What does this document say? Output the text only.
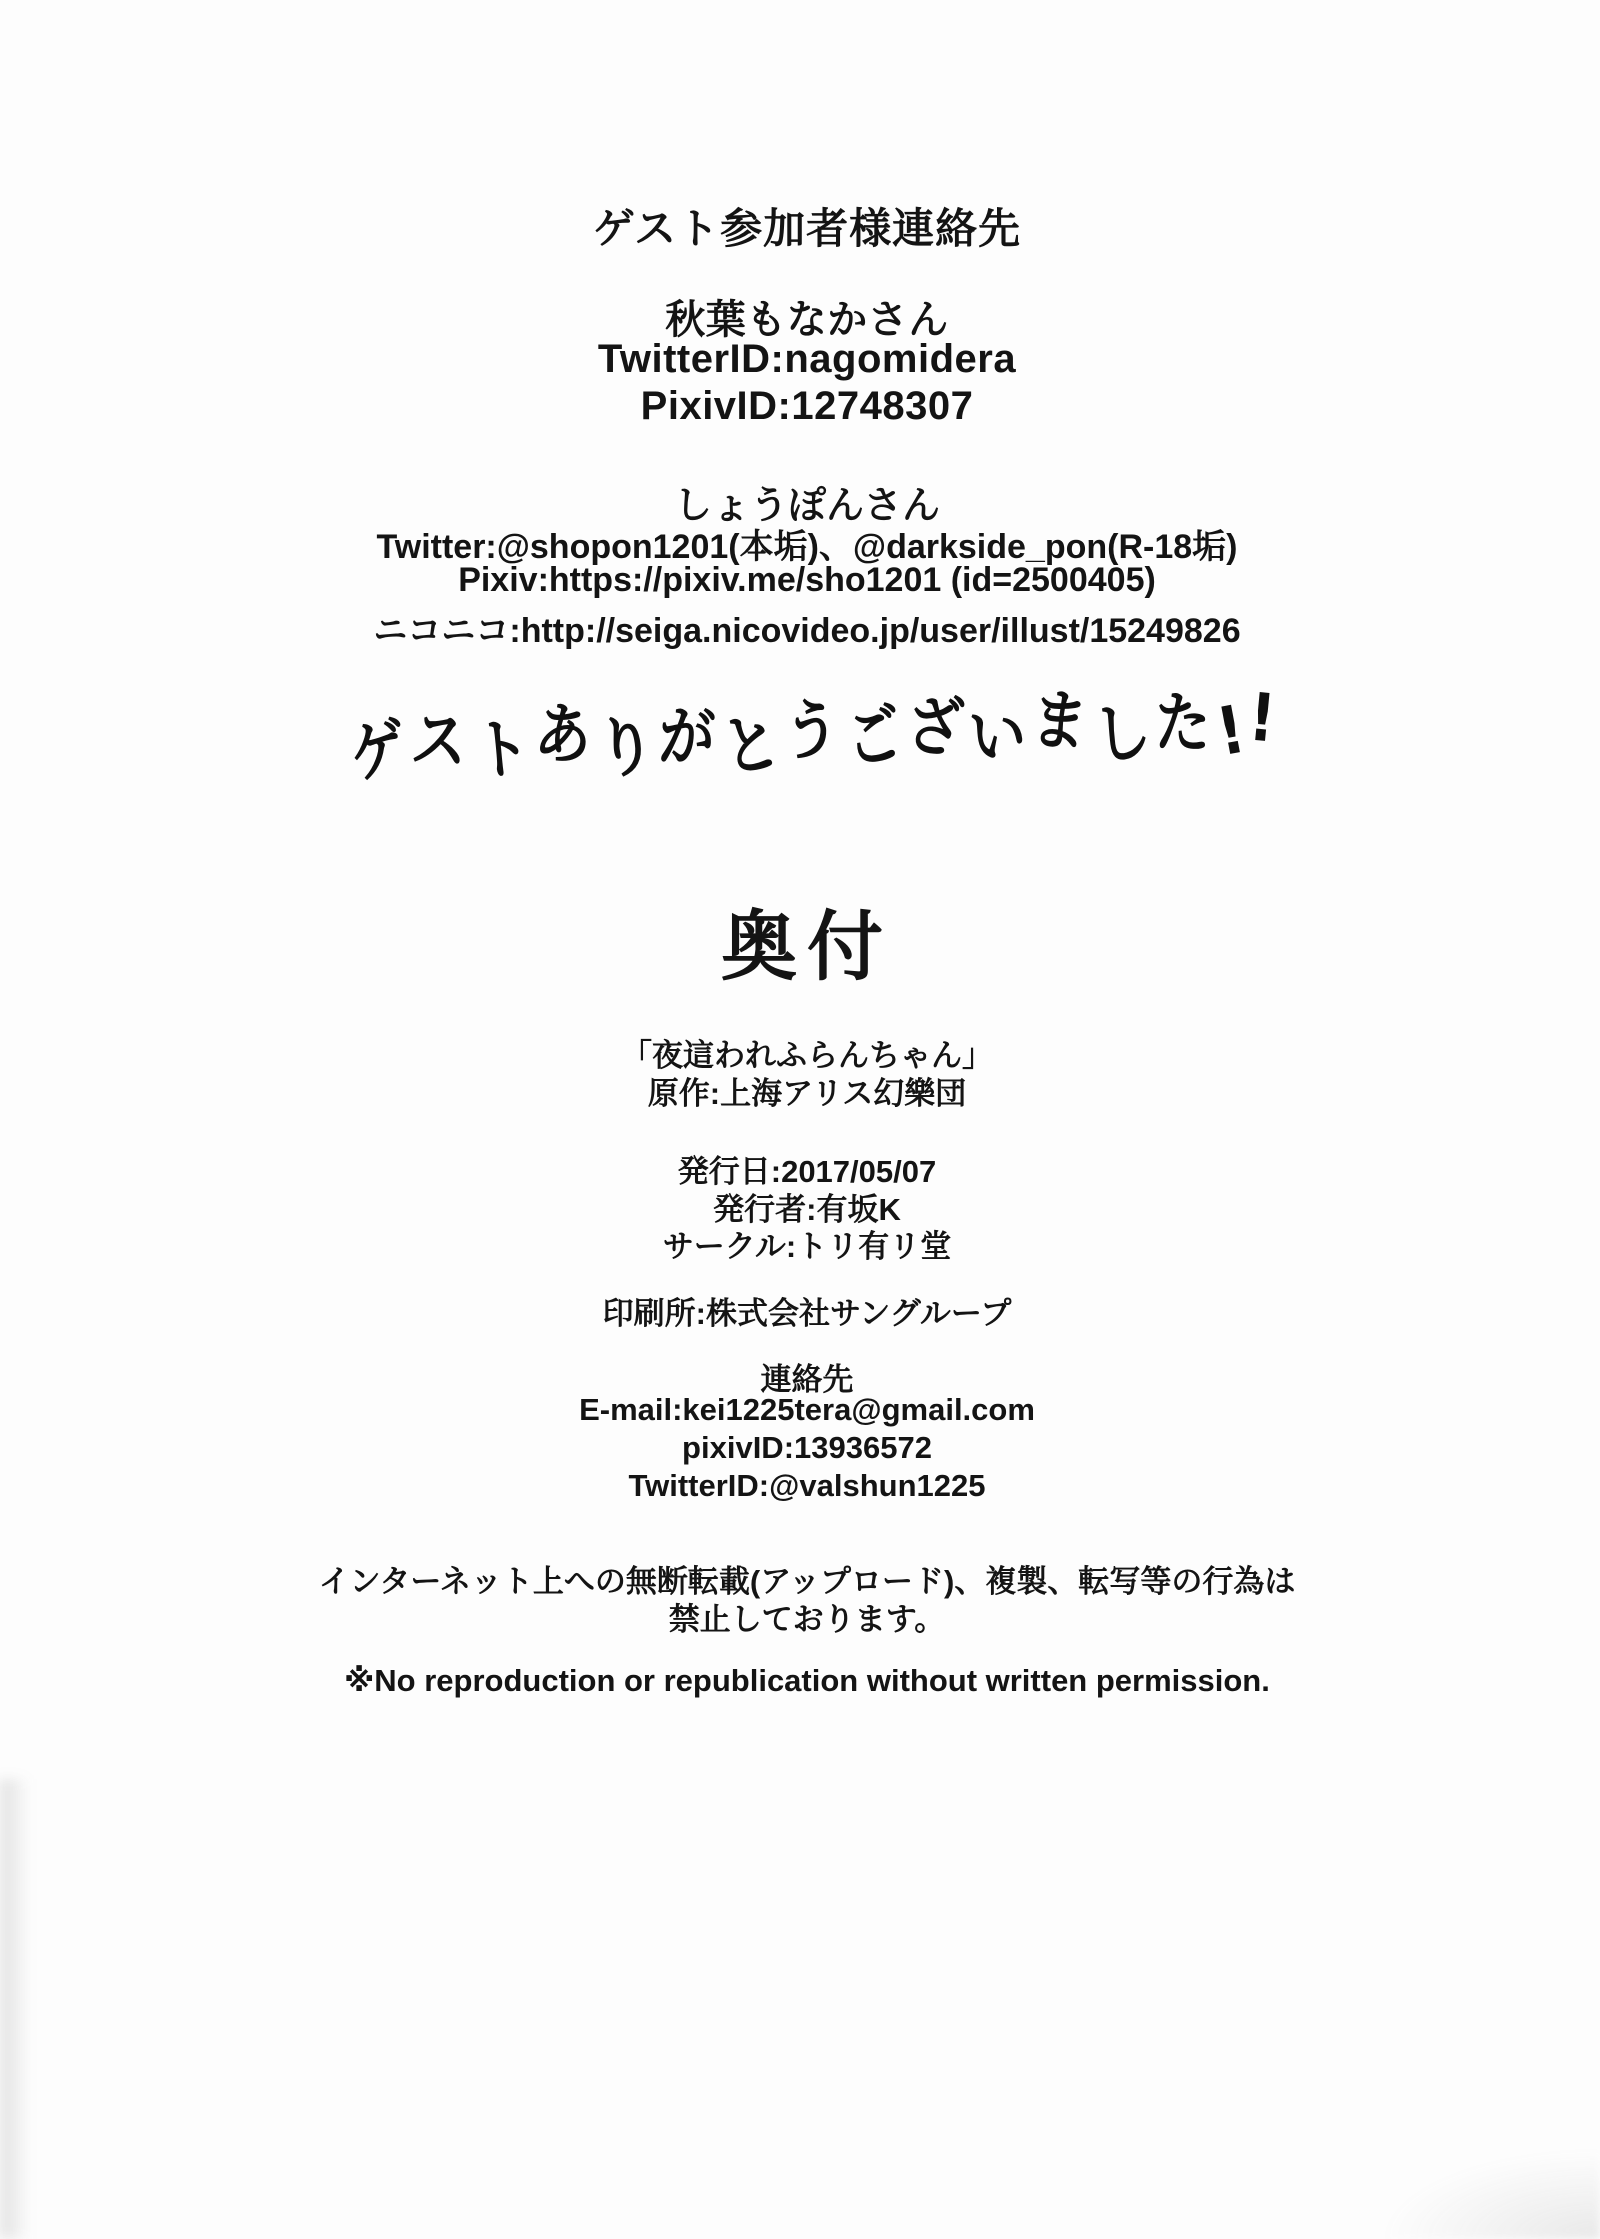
ゲスト参加者様連絡先
秋葉もなかさん
TwitterID:nagomidera
PixivID:12748307
しょうぽんさん
Twitter:@shopon1201(本垢)、@darkside_pon(R-18垢)
Pixiv:https://pixiv.me/sho1201 (id=2500405)
ニコニコ:http://seiga.nicovideo.jp/user/illust/15249826
ゲストありがとうございました!!
奥付
「夜這われふらんちゃん」
原作:上海アリス幻樂団
発行日:2017/05/07
発行者:有坂K
サークル:トリ有リ堂
印刷所:株式会社サングループ
連絡先
E-mail:kei1225tera@gmail.com
pixivID:13936572
TwitterID:@valshun1225
インターネット上への無断転載(アップロード)、複製、転写等の行為は
禁止しております。
※No reproduction or republication without written permission.
